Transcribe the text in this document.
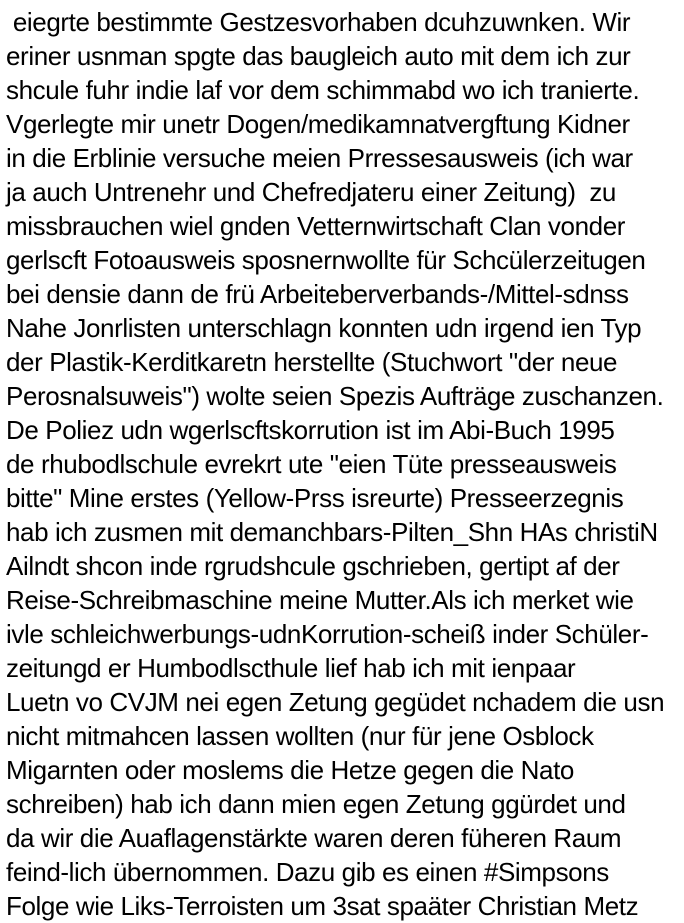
eiegrte bestimmte Gestzesvorhaben dcuhzuwnken. Wir
eriner usnman spgte das baugleich auto mit dem ich zur
shcule fuhr indie laf vor dem schimmabd wo ich tranierte.
Vgerlegte mir unetr Dogen/medikamnatvergftung Kidner
in die Erblinie versuche meien Prressesausweis (ich war
ja auch Untrenehr und Chefredjateru einer Zeitung)  zu
missbrauchen wiel gnden Vetternwirtschaft Clan vonder
gerlscft Fotoausweis sposnernwollte für Schcülerzeitugen
bei densie dann de frü Arbeiteberverbands-/Mittel-sdnss
Nahe Jonrlisten unterschlagn konnten udn irgend ien Typ
der Plastik-Kerditkaretn herstellte (Stuchwort "der neue
Perosnalsuweis") wolte seien Spezis Aufträge zuschanzen.
De Poliez udn wgerlscftskorrution ist im Abi-Buch 1995
de rhubodlschule evrekrt ute "eien Tüte presseausweis
bitte" Mine erstes (Yellow-Prss isreurte) Presseerzegnis
hab ich zusmen mit demanchbars-Pilten_Shn HAs christiN
Ailndt shcon inde rgrudshcule gschrieben, gertipt af der
Reise-Schreibmaschine meine Mutter.Als ich merket wie
ivle schleichwerbungs-udnKorrution-scheiß inder Schüler-
zeitungd er Humbodlscthule lief hab ich mit ienpaar
Luetn vo CVJM nei egen Zetung gegüdet nchadem die usn
nicht mitmahcen lassen wollten (nur für jene Osblock
Migarnten oder moslems die Hetze gegen die Nato
schreiben) hab ich dann mien egen Zetung ggürdet und
da wir die Auaflagenstärkte waren deren füheren Raum
feind-lich übernommen. Dazu gib es einen #Simpsons
Folge wie Liks-Terroisten um 3sat spaäter Christian Metz
